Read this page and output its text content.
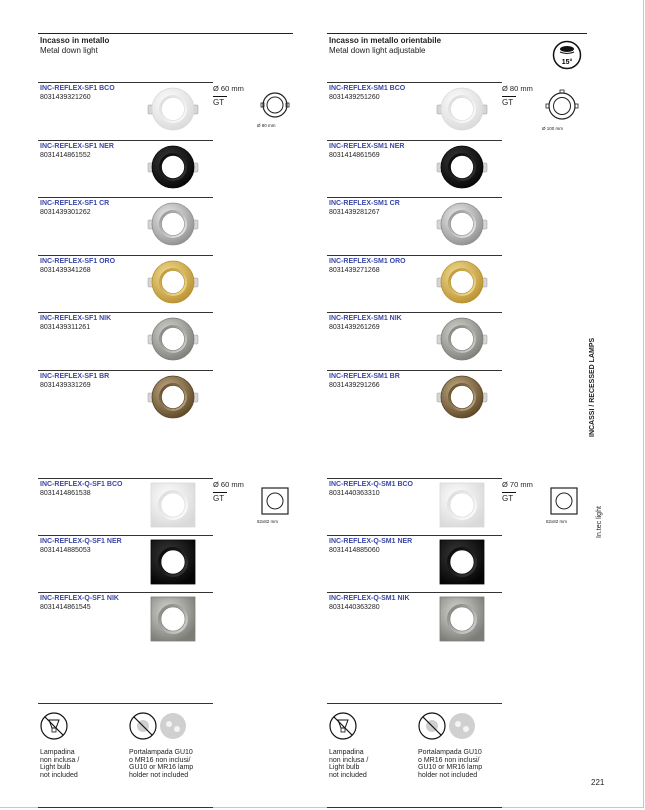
Incasso in metallo
Metal down light
INC-REFLEX-SF1 BCO
8031439321260
INC-REFLEX-SF1 NER
8031414861552
INC-REFLEX-SF1 CR
8031439301262
INC-REFLEX-SF1 ORO
8031439341268
INC-REFLEX-SF1 NIK
8031439311261
INC-REFLEX-SF1 BR
8031439331269
INC-REFLEX-Q-SF1 BCO
8031414861538
INC-REFLEX-Q-SF1 NER
8031414885053
INC-REFLEX-Q-SF1 NIK
8031414861545
Ø 60 mm
GT
Ø 80 mm
Ø 60 mm
GT
82x82 mm
Lampadina
non inclusa /
Light bulb
not included
Portalampada GU10
o MR16 non inclusi/
GU10 or MR16 lamp
holder not included
Incasso in metallo orientabile
Metal down light adjustable
15°
INC-REFLEX-SM1 BCO
8031439251260
INC-REFLEX-SM1 NER
8031414861569
INC-REFLEX-SM1 CR
8031439281267
INC-REFLEX-SM1 ORO
8031439271268
INC-REFLEX-SM1 NIK
8031439261269
INC-REFLEX-SM1 BR
8031439291266
INC-REFLEX-Q-SM1 BCO
8031440363310
INC-REFLEX-Q-SM1 NER
8031414885060
INC-REFLEX-Q-SM1 NIK
8031440363280
Ø 80 mm
GT
Ø 100 mm
Ø 70 mm
GT
82x82 mm
Lampadina
non inclusa /
Light bulb
not included
Portalampada GU10
o MR16 non inclusi/
GU10 or MR16 lamp
holder not included
INCASSI / RECESSED LAMPS
In.tec light
221
